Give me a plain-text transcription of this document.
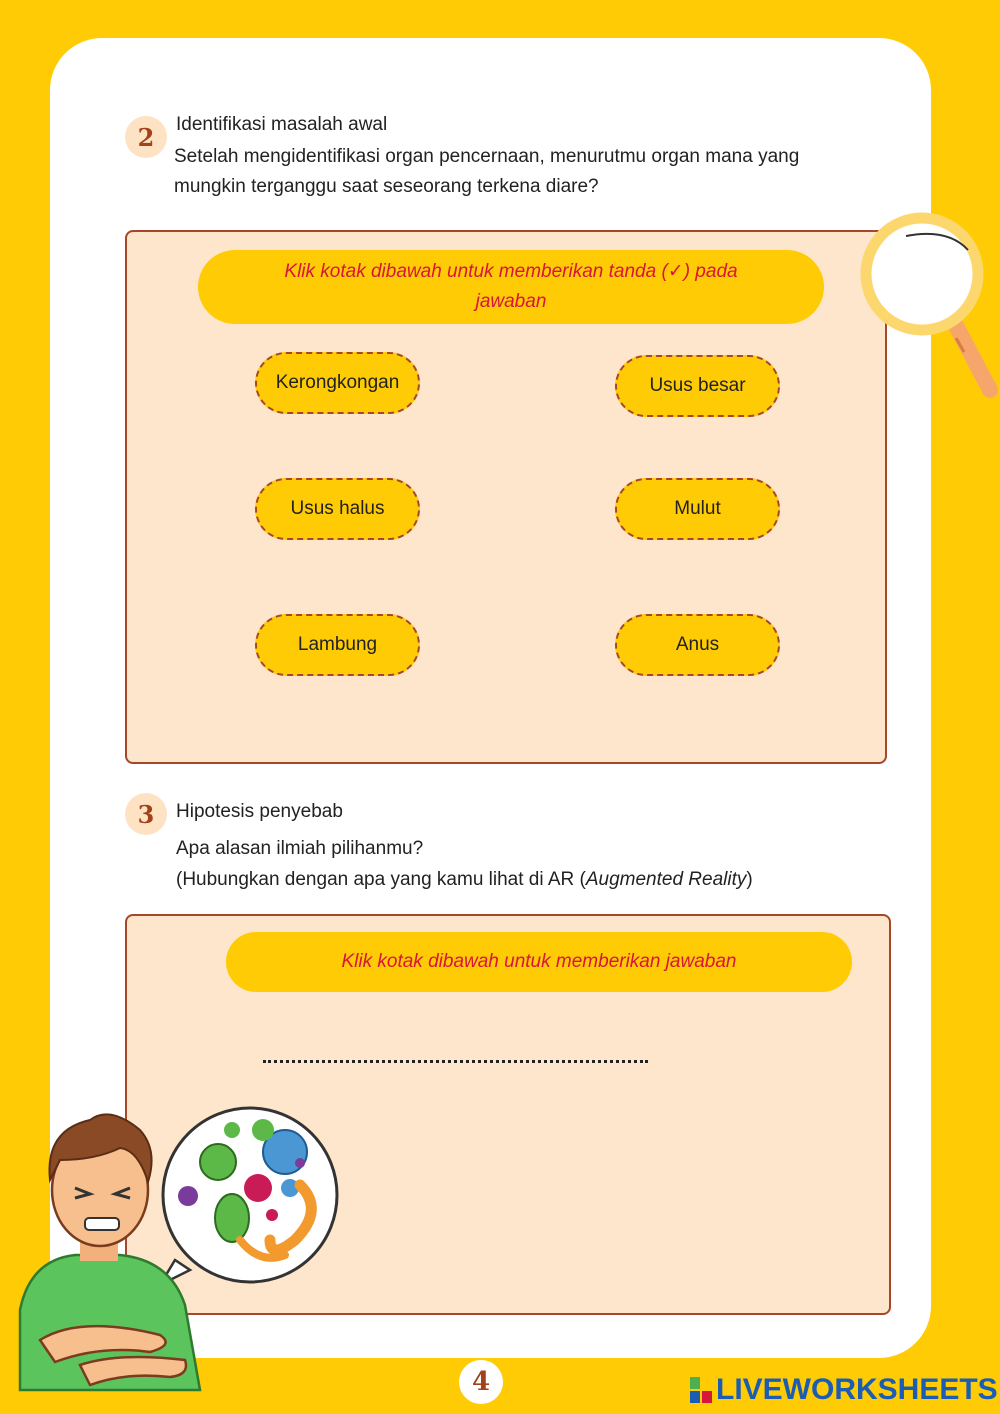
2	Identifikasi masalah awal
Setelah mengidentifikasi organ pencernaan, menurutmu organ mana yang
mungkin terganggu saat seseorang terkena diare?
Klik kotak dibawah untuk memberikan tanda (✓) pada
jawaban
Kerongkongan	Usus besar
Usus halus	Mulut
Lambung	Anus
3	Hipotesis penyebab
Apa alasan ilmiah pilihanmu?
(Hubungkan dengan apa yang kamu lihat di AR (Augmented Reality)
Klik kotak dibawah untuk memberikan jawaban
4	LIVEWORKSHEETS
